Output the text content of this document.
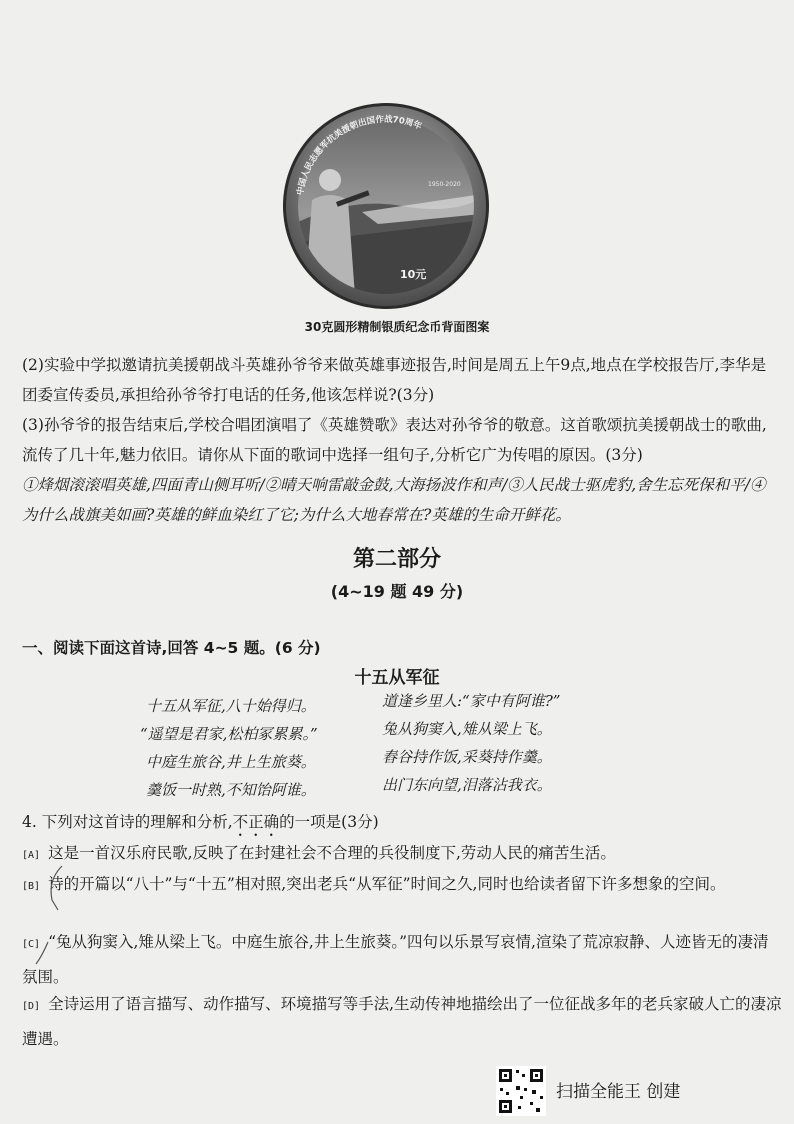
中国人民志愿军抗美援朝出国作战70周年
1950-2020
10元
30克圆形精制银质纪念币背面图案
(2)实验中学拟邀请抗美援朝战斗英雄孙爷爷来做英雄事迹报告,时间是周五上午9点,地点在学校报告厅,李华是团委宣传委员,承担给孙爷爷打电话的任务,他该怎样说?(3分)
(3)孙爷爷的报告结束后,学校合唱团演唱了《英雄赞歌》表达对孙爷爷的敬意。这首歌颂抗美援朝战士的歌曲,流传了几十年,魅力依旧。请你从下面的歌词中选择一组句子,分析它广为传唱的原因。(3分)
①烽烟滚滚唱英雄,四面青山侧耳听/②晴天响雷敲金鼓,大海扬波作和声/③人民战士驱虎豹,舍生忘死保和平/④为什么战旗美如画?英雄的鲜血染红了它;为什么大地春常在?英雄的生命开鲜花。
第二部分
(4~19 题 49 分)
一、阅读下面这首诗,回答 4~5 题。(6 分)
十五从军征
十五从军征,八十始得归。
“遥望是君家,松柏冢累累。”
中庭生旅谷,井上生旅葵。
羹饭一时熟,不知饴阿谁。
道逢乡里人:“家中有阿谁?”
兔从狗窦入,雉从梁上飞。
舂谷持作饭,采葵持作羹。
出门东向望,泪落沾我衣。
4. 下列对这首诗的理解和分析,不正确的一项是(3分)
[A] 这是一首汉乐府民歌,反映了在封建社会不合理的兵役制度下,劳动人民的痛苦生活。
[B] 诗的开篇以“八十”与“十五”相对照,突出老兵“从军征”时间之久,同时也给读者留下许多想象的空间。
[C] “兔从狗窦入,雉从梁上飞。中庭生旅谷,井上生旅葵。”四句以乐景写哀情,渲染了荒凉寂静、人迹皆无的凄清氛围。
[D] 全诗运用了语言描写、动作描写、环境描写等手法,生动传神地描绘出了一位征战多年的老兵家破人亡的凄凉遭遇。
扫描全能王 创建
